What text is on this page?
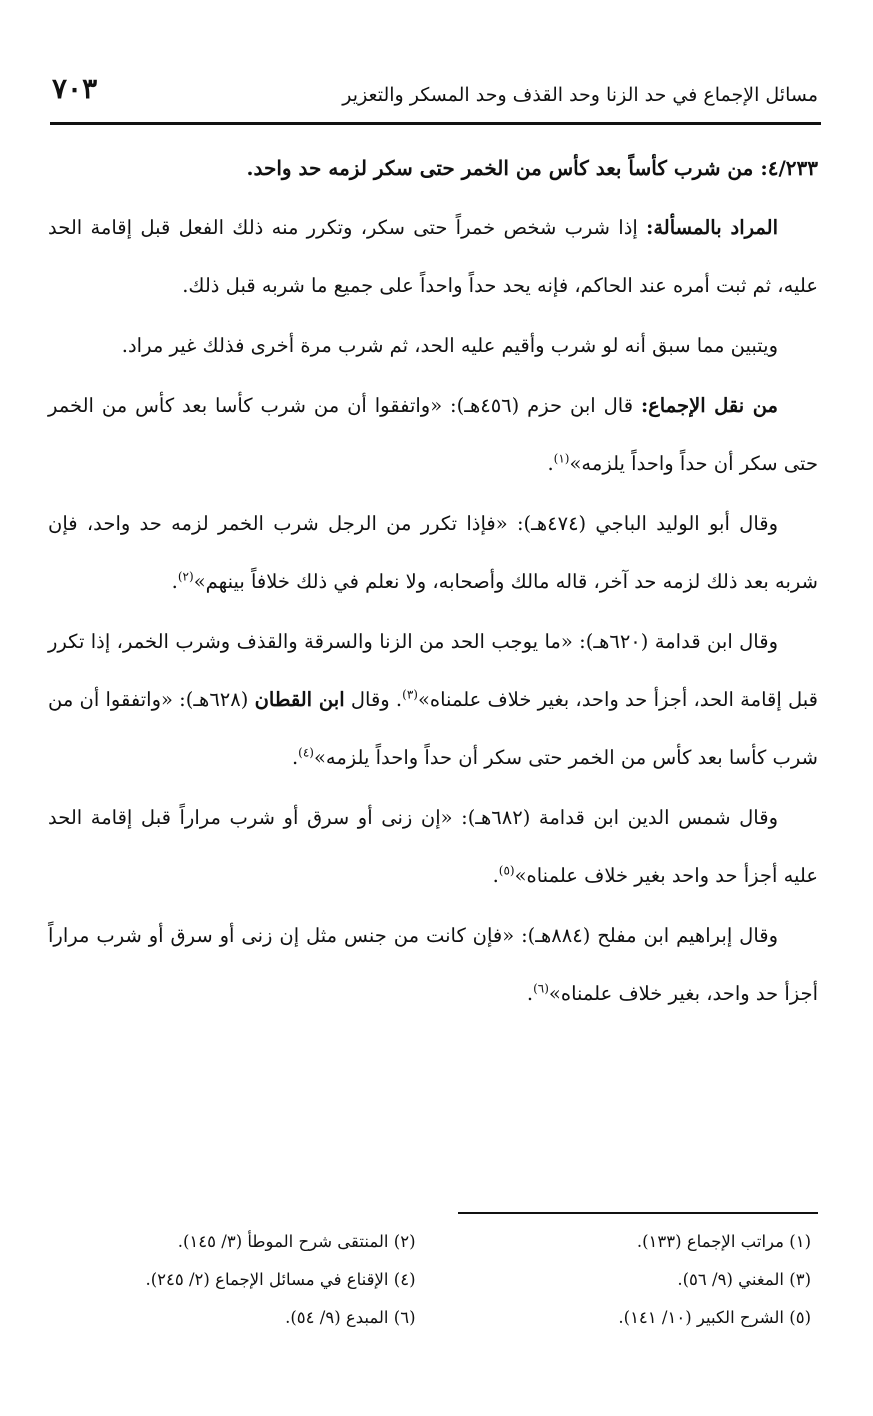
مسائل الإجماع في حد الزنا وحد القذف وحد المسكر والتعزير
٧٠٣

٤/٢٣٣: من شرب كأساً بعد كأس من الخمر حتى سكر لزمه حد واحد.

المراد بالمسألة: إذا شرب شخص خمراً حتى سكر، وتكرر منه ذلك الفعل قبل إقامة الحد عليه، ثم ثبت أمره عند الحاكم، فإنه يحد حداً واحداً على جميع ما شربه قبل ذلك.

ويتبين مما سبق أنه لو شرب وأقيم عليه الحد، ثم شرب مرة أخرى فذلك غير مراد.

من نقل الإجماع: قال ابن حزم (٤٥٦هـ): «واتفقوا أن من شرب كأسا بعد كأس من الخمر حتى سكر أن حداً واحداً يلزمه»$^{(١)}$.

وقال أبو الوليد الباجي (٤٧٤هـ): «فإذا تكرر من الرجل شرب الخمر لزمه حد واحد، فإن شربه بعد ذلك لزمه حد آخر، قاله مالك وأصحابه، ولا نعلم في ذلك خلافاً بينهم»$^{(٢)}$.

وقال ابن قدامة (٦٢٠هـ): «ما يوجب الحد من الزنا والسرقة والقذف وشرب الخمر، إذا تكرر قبل إقامة الحد، أجزأ حد واحد، بغير خلاف علمناه»$^{(٣)}$. وقال ابن القطان (٦٢٨هـ): «واتفقوا أن من شرب كأسا بعد كأس من الخمر حتى سكر أن حداً واحداً يلزمه»$^{(٤)}$.

وقال شمس الدين ابن قدامة (٦٨٢هـ): «إن زنى أو سرق أو شرب مراراً قبل إقامة الحد عليه أجزأ حد واحد بغير خلاف علمناه»$^{(٥)}$.

وقال إبراهيم ابن مفلح (٨٨٤هـ): «فإن كانت من جنس مثل إن زنى أو سرق أو شرب مراراً أجزأ حد واحد، بغير خلاف علمناه»$^{(٦)}$.

(١) مراتب الإجماع (١٣٣).
(٢) المنتقى شرح الموطأ (٣/ ١٤٥).
(٣) المغني (٩/ ٥٦).
(٤) الإقناع في مسائل الإجماع (٢/ ٢٤٥).
(٥) الشرح الكبير (١٠/ ١٤١).
(٦) المبدع (٩/ ٥٤).
